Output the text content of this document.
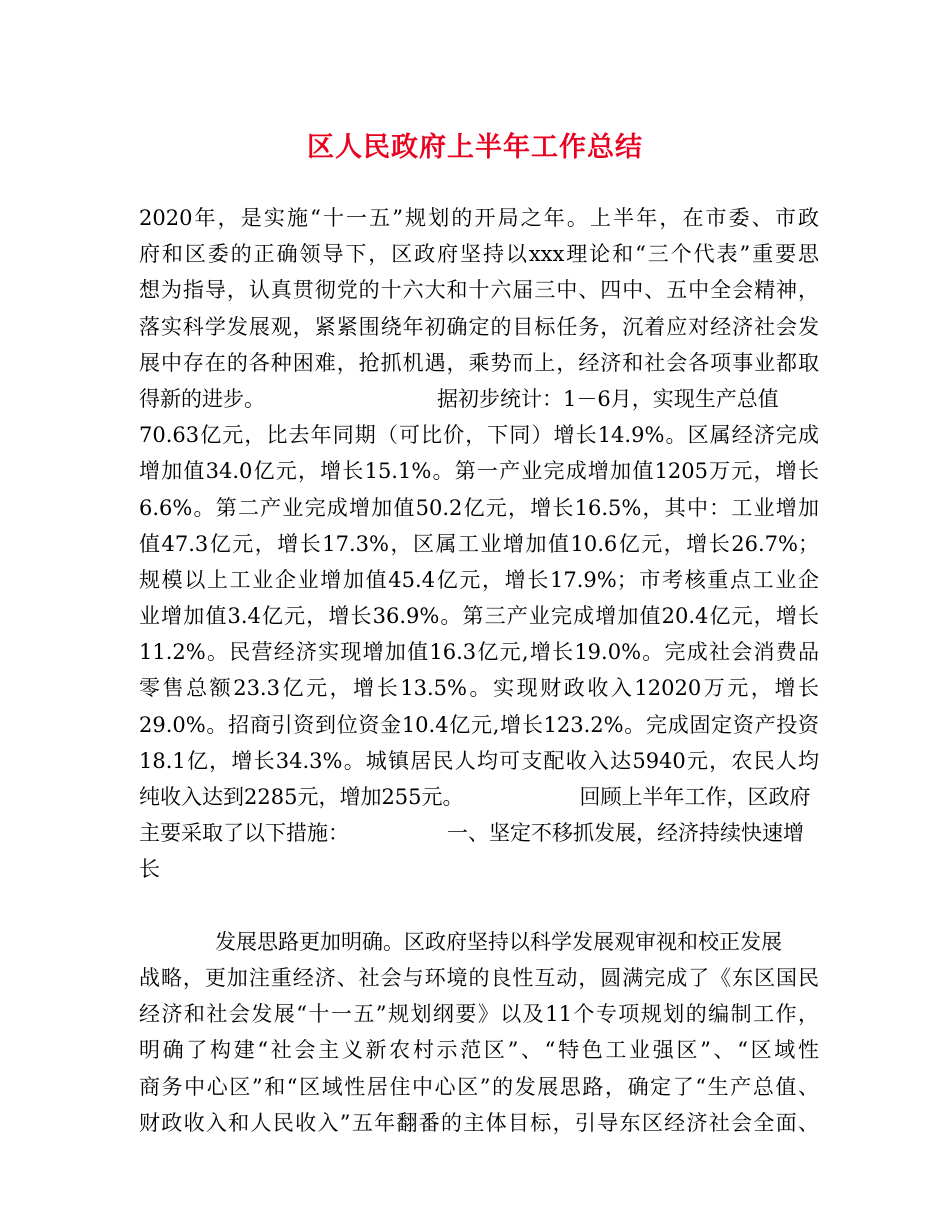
区人民政府上半年工作总结
2020年，是实施“十一五”规划的开局之年。上半年，在市委、市政
府和区委的正确领导下，区政府坚持以xxx理论和“三个代表”重要思
想为指导，认真贯彻党的十六大和十六届三中、四中、五中全会精神，
落实科学发展观，紧紧围绕年初确定的目标任务，沉着应对经济社会发
展中存在的各种困难，抢抓机遇，乘势而上，经济和社会各项事业都取
得新的进步。	据初步统计：1－6月，实现生产总值
70.63亿元，比去年同期（可比价，下同）增长14.9%。区属经济完成
增加值34.0亿元，增长15.1%。第一产业完成增加值1205万元，增长
6.6%。第二产业完成增加值50.2亿元，增长16.5%，其中：工业增加
值47.3亿元，增长17.3%，区属工业增加值10.6亿元，增长26.7%；
规模以上工业企业增加值45.4亿元，增长17.9%；市考核重点工业企
业增加值3.4亿元，增长36.9%。第三产业完成增加值20.4亿元，增长
11.2%。民营经济实现增加值16.3亿元,增长19.0%。完成社会消费品
零售总额23.3亿元，增长13.5%。实现财政收入12020万元，增长
29.0%。招商引资到位资金10.4亿元,增长123.2%。完成固定资产投资
18.1亿，增长34.3%。城镇居民人均可支配收入达5940元，农民人均
纯收入达到2285元，增加255元。	回顾上半年工作，区政府
主要采取了以下措施：	一、坚定不移抓发展，经济持续快速增
长
发展思路更加明确。区政府坚持以科学发展观审视和校正发展
战略，更加注重经济、社会与环境的良性互动，圆满完成了《东区国民
经济和社会发展“十一五”规划纲要》以及11个专项规划的编制工作，
明确了构建“社会主义新农村示范区”、“特色工业强区”、“区域性
商务中心区”和“区域性居住中心区”的发展思路，确定了“生产总值、
财政收入和人民收入”五年翻番的主体目标，引导东区经济社会全面、
